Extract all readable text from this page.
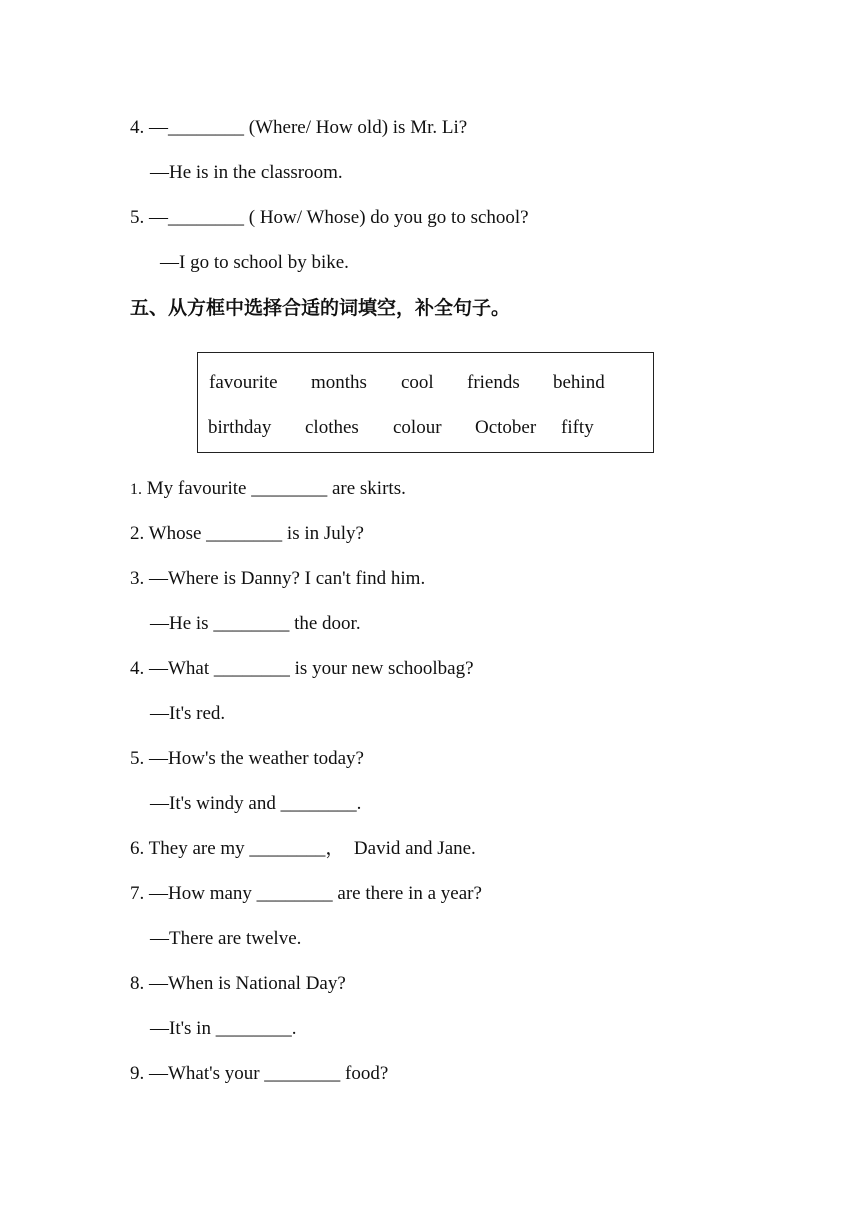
4. —________ (Where/ How old) is Mr. Li?
—He is in the classroom.
5. —________ ( How/ Whose) do you go to school?
—I go to school by bike.
五、从方框中选择合适的词填空，补全句子。
favourite months cool friends behind
birthday clothes colour October fifty
1. My favourite ________ are skirts.
2. Whose ________ is in July?
3. —Where is Danny? I can't find him.
—He is ________ the door.
4. —What ________ is your new schoolbag?
—It's red.
5. —How's the weather today?
—It's windy and ________.
6. They are my ________，  David and Jane.
7. —How many ________ are there in a year?
—There are twelve.
8. —When is National Day?
—It's in ________.
9. —What's your ________ food?
